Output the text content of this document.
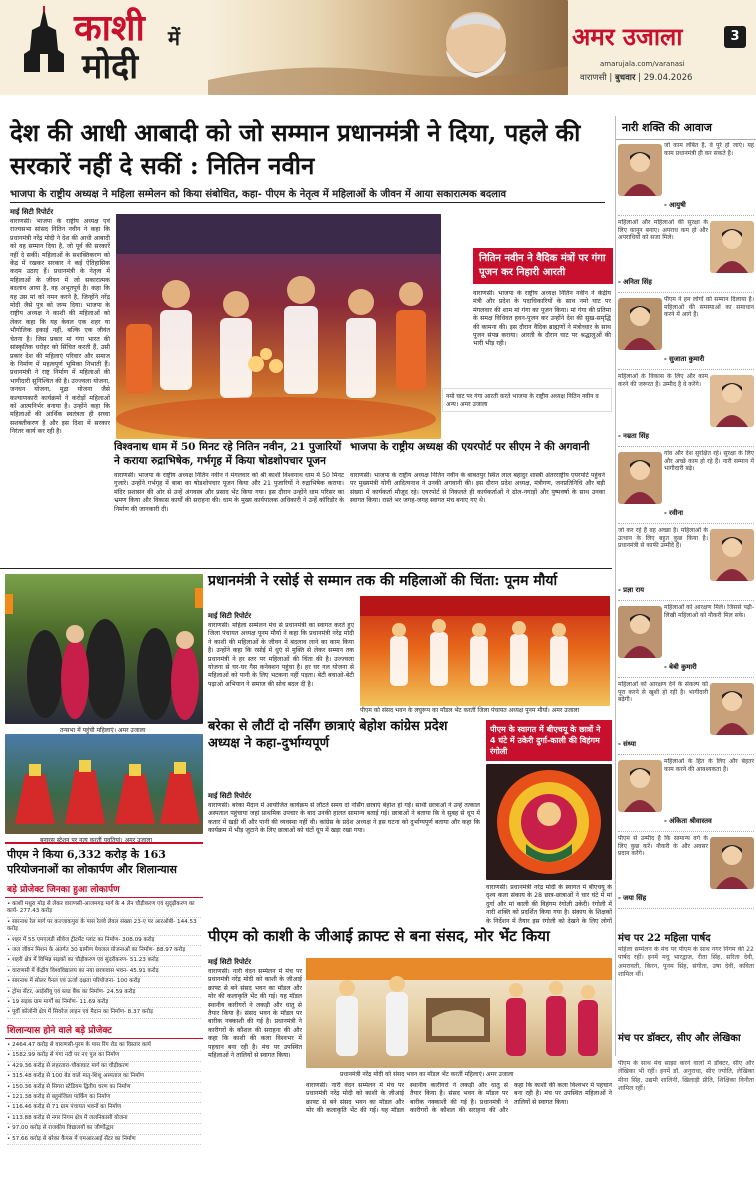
काशी में
मोदी
अमर उजाला	3
amarujala.com/varanasi
वाराणसी | बुधवार | 29.04.2026
देश की आधी आबादी को जो सम्मान प्रधानमंत्री ने दिया, पहले की सरकारें नहीं दे सकीं : नितिन नवीन
भाजपा के राष्ट्रीय अध्यक्ष ने महिला सम्मेलन को किया संबोधित, कहा- पीएम के नेतृत्व में महिलाओं के जीवन में आया सकारात्मक बदलाव
माई सिटी रिपोर्टर
वाराणसी। भाजपा के राष्ट्रीय अध्यक्ष एवं राज्यसभा सांसद नितिन नवीन ने कहा कि प्रधानमंत्री नरेंद्र मोदी ने देश की आधी आबादी को वह सम्मान दिया है, जो पूर्व की सरकारें नहीं दे सकीं। महिलाओं के सशक्तिकरण को केंद्र में रखकर सरकार ने कई ऐतिहासिक कदम उठाए हैं। प्रधानमंत्री के नेतृत्व में महिलाओं के जीवन में जो सकारात्मक बदलाव आया है, वह अभूतपूर्व है। कहा कि यह उस मां को नमन करने है, जिन्होंने नरेंद्र मोदी जैसे पुत्र को जन्म दिया। भाजपा के राष्ट्रीय अध्यक्ष ने काशी की महिलाओं को लेकर कहा कि यह केवल एक शहर या भौगोलिक इकाई नहीं, बल्कि एक जीवंत चेतना है। जिस प्रकार मां गंगा भारत की सांस्कृतिक धरोहर को सिंचित करती हैं, उसी प्रकार देश की महिलाएं परिवार और समाज के निर्माण में महत्वपूर्ण भूमिका निभाती हैं। प्रधानमंत्री ने राष्ट्र निर्माण में महिलाओं की भागीदारी सुनिश्चित की है। उज्ज्वला योजना, जनधन योजना, मुद्रा योजना जैसे कल्याणकारी कार्यक्रमों ने करोड़ों महिलाओं को आत्मनिर्भर बनाया है। उन्होंने कहा कि महिलाओं की आर्थिक स्वतंत्रता ही सच्चा सशक्तीकरण है और इस दिशा में सरकार निरंतर कार्य कर रही है।
नितिन नवीन ने वैदिक मंत्रों पर गंगा पूजन कर निहारी आरती
वाराणसी। भाजपा के राष्ट्रीय अध्यक्ष नितिन नवीन ने केंद्रीय मंत्री और प्रदेश के पदाधिकारियों के साथ नमो घाट पर मंगलवार की शाम मां गंगा का पूजन किया। मां गंगा की प्रतिमा के समक्ष विधिवत हवन-पूजन कर उन्होंने देश की सुख-समृद्धि की कामना की। इस दौरान वैदिक ब्राह्मणों ने मंत्रोच्चार के साथ पूजन संपन्न कराया। आरती के दौरान घाट पर श्रद्धालुओं की भारी भीड़ रही।
नमो घाट पर गंगा आरती करते भाजपा के राष्ट्रीय अध्यक्ष नितिन नवीन व अन्य। अमर उजाला
विश्वनाथ धाम में 50 मिनट रहे नितिन नवीन, 21 पुजारियों ने कराया रुद्राभिषेक, गर्भगृह में किया षोडशोपचार पूजन
वाराणसी। भाजपा के राष्ट्रीय अध्यक्ष नितिन नवीन ने मंगलवार को श्री काशी विश्वनाथ धाम में 50 मिनट गुजारे। उन्होंने गर्भगृह में बाबा का षोडशोपचार पूजन किया और 21 पुजारियों ने रुद्राभिषेक कराया। मंदिर प्रशासन की ओर से उन्हें अंगवस्त्र और प्रसाद भेंट किया गया। इस दौरान उन्होंने धाम परिसर का भ्रमण किया और विकास कार्यों की सराहना की। धाम के मुख्य कार्यपालक अधिकारी ने उन्हें कॉरिडोर के निर्माण की जानकारी दी।
भाजपा के राष्ट्रीय अध्यक्ष की एयरपोर्ट पर सीएम ने की अगवानी
वाराणसी। भाजपा के राष्ट्रीय अध्यक्ष नितिन नवीन के बाबतपुर स्थित लाल बहादुर शास्त्री अंतरराष्ट्रीय एयरपोर्ट पहुंचने पर मुख्यमंत्री योगी आदित्यनाथ ने उनकी अगवानी की। इस दौरान प्रदेश अध्यक्ष, मंत्रीगण, जनप्रतिनिधि और बड़ी संख्या में कार्यकर्ता मौजूद रहे। एयरपोर्ट से निकलते ही कार्यकर्ताओं ने ढोल-नगाड़ों और पुष्पवर्षा के साथ उनका स्वागत किया। रास्ते भर जगह-जगह स्वागत मंच बनाए गए थे।
नारी शक्ति की आवाज
जो काम लंबित है, वे पूरे हो जाएं। यह काम प्रधानमंत्री ही कर सकते हैं।
- आयुषी
महिलाओं और महिलाओं की सुरक्षा के लिए कानून बनाए। अपराध कम हो और अपराधियों को सजा मिले।
- अनिता सिंह
पीएम ने हम लोगों को सम्मान दिलाया है। महिलाओं की समस्याओं का समाधान करने में आगे हैं।
- सुजाता कुमारी
महिलाओं के विकास के लिए और काम करने की जरूरत है। उम्मीद है वे करेंगे।
- नम्रता सिंह
गांव और देश सुरक्षित रहे। सुरक्षा के लिए और अच्छे काम हो रहे हैं। नारी सम्मान में भागीदारी बढ़े।
- रवीना
जो कर रहे हैं वह अच्छा है। महिलाओं के उत्थान के लिए बहुत कुछ किया है। प्रधानमंत्री से काफी उम्मीदें हैं।
- प्रज्ञा राय
महिलाओं को आरक्षण मिले। जिससे पढ़ी-लिखी महिलाओं को नौकरी मिल सके।
- बेबी कुमारी
महिलाओं को आरक्षण देने के संकल्प को पूरा करने से खुशी हो रही है। भागीदारी बढ़ेगी।
- संध्या
महिलाओं के हित के लिए और बेहतर काम करने की आवश्यकता है।
- अंकिता श्रीवास्तव
पीएम से उम्मीद है कि सामान्य वर्ग के लिए कुछ करें। नौकरी के और अवसर प्रदान करेंगे।
- जया सिंह
प्रधानमंत्री ने रसोई से सम्मान तक की महिलाओं की चिंता: पूनम मौर्या
माई सिटी रिपोर्टर
वाराणसी। महिला सम्मेलन मंच से प्रधानमंत्री का स्वागत करते हुए जिला पंचायत अध्यक्ष पूनम मौर्या ने कहा कि प्रधानमंत्री नरेंद्र मोदी ने काशी की महिलाओं के जीवन में बदलाव लाने का काम किया है। उन्होंने कहा कि रसोई में धुएं से मुक्ति से लेकर सम्मान तक प्रधानमंत्री ने हर स्तर पर महिलाओं की चिंता की है। उज्ज्वला योजना से घर-घर गैस कनेक्शन पहुंचा है। हर घर नल योजना से महिलाओं को पानी के लिए भटकना नहीं पड़ता। बेटी बचाओ-बेटी पढ़ाओ अभियान ने समाज की सोच बदल दी है।
पीएम को संसद भवन के लघुरूप का मॉडल भेंट करतीं जिला पंचायत अध्यक्ष पूनम मौर्या। अमर उजाला
तन्सभा में पहुंची महिलाएं। अमर उजाला
बनारस स्टेशन पर नृत्य करतीं युवतियां। अमर उजाला
बरेका से लौटीं दो नर्सिंग छात्राएं बेहोश कांग्रेस प्रदेश अध्यक्ष ने कहा-दुर्भाग्यपूर्ण
माई सिटी रिपोर्टर
वाराणसी। बरेका मैदान में आयोजित कार्यक्रम से लौटते समय दो नर्सिंग छात्राएं बेहोश हो गईं। साथी छात्राओं ने उन्हें तत्काल अस्पताल पहुंचाया जहां प्राथमिक उपचार के बाद उनकी हालत सामान्य बताई गई। छात्राओं ने बताया कि वे सुबह से धूप में कतार में खड़ी थीं और पानी की व्यवस्था नहीं थी। कांग्रेस के प्रदेश अध्यक्ष ने इस घटना को दुर्भाग्यपूर्ण बताया और कहा कि कार्यक्रम में भीड़ जुटाने के लिए छात्राओं को घंटों धूप में खड़ा रखा गया।
पीएम के स्वागत में बीएचयू के छात्रों ने 4 घंटे में उकेरी दुर्गा-काली की विहंगम रंगोली
वाराणसी। प्रधानमंत्री नरेंद्र मोदी के स्वागत में बीएचयू के दृश्य कला संकाय के 28 छात्र-छात्राओं ने चार घंटे में मां दुर्गा और मां काली की विहंगम रंगोली उकेरी। रंगोली में नारी शक्ति को प्रदर्शित किया गया है। संकाय के शिक्षकों के निर्देशन में तैयार इस रंगोली को देखने के लिए लोगों
पीएम ने किया 6,332 करोड़ के 163 परियोजनाओं का लोकार्पण और शिलान्यास
बड़े प्रोजेक्ट जिनका हुआ लोकार्पण
• काशी मथुरा मोड़ से लेकर वाराणसी-आजमगढ़ मार्ग के 4 लेन चौड़ीकरण एवं सुदृढ़ीकरण का कार्य- 277.43 करोड़
• सारनाथ रेल मार्ग पर कज्जाकपुरा के पास रेलवे लेवल संख्या 23-ए पर आरओबी- 144.53 करोड़
• शहर में 55 एमएलडी सीवेज ट्रीटमेंट प्लांट का निर्माण- 308.09 करोड़
• जल जीवन मिशन के अंतर्गत 30 ग्रामीण पेयजल योजनाओं का निर्माण- 88.97 करोड़
• शहरी क्षेत्र में विभिन्न सड़कों का चौड़ीकरण एवं सुंदरीकरण- 51.23 करोड़
• वाराणसी में केंद्रीय विश्वविद्यालय का नया छात्रावास भवन- 45.91 करोड़
• सारनाथ में सोलर पैनल एवं ऊर्जा दक्षता परियोजना- 100 करोड़
• ट्रॉमा सेंटर, आईसीयू एवं ब्लड बैंक का निर्माण- 24.59 करोड़
• 19 सड़क ग्राम मार्गों का निर्माण- 11.69 करोड़
• पूर्वी कॉलोनी क्षेत्र में सिवरेज लाइन एवं मैदान का निर्माण- 8.37 करोड़
शिलान्यास होने वाले बड़े प्रोजेक्ट
• 2464.47 करोड़ से वाराणसी-पुरम के पास रिंग रोड का विस्तार कार्य
• 1582.99 करोड़ से गंगा नदी पर नए पुल का निर्माण
• 429.36 करोड़ से लहरतारा-चौकाघाट मार्ग का चौड़ीकरण
• 315.48 करोड़ से 100 बेड वाले मातृ-शिशु अस्पताल का निर्माण
• 150.36 करोड़ से सिगरा स्टेडियम द्वितीय चरण का निर्माण
• 121.38 करोड़ से बहुमंजिला पार्किंग का निर्माण
• 116.46 करोड़ से 71 ग्राम पंचायत भवनों का निर्माण
• 113.88 करोड़ से नगर निगम क्षेत्र में जलनिकासी योजना
• 97.00 करोड़ से राजकीय विद्यालयों का जीर्णोद्धार
• 57.66 करोड़ से बरेका कैंपस में एमआरआई सेंटर का निर्माण
पीएम को काशी के जीआई क्राफ्ट से बना संसद, मोर भेंट किया
माई सिटी रिपोर्टर
वाराणसी। नारी वंदन सम्मेलन में मंच पर प्रधानमंत्री नरेंद्र मोदी को काशी के जीआई क्राफ्ट से बने संसद भवन का मॉडल और मोर की कलाकृति भेंट की गई। यह मॉडल स्थानीय कारीगरों ने लकड़ी और धातु से तैयार किया है। संसद भवन के मॉडल पर बारीक नक्काशी की गई है। प्रधानमंत्री ने कारीगरों के कौशल की सराहना की और कहा कि काशी की कला विश्वभर में पहचान बना रही है। मंच पर उपस्थित महिलाओं ने तालियों से स्वागत किया।
प्रधानमंत्री नरेंद्र मोदी को संसद भवन का मॉडल भेंट करतीं महिलाएं। अमर उजाला
वाराणसी। नारी वंदन सम्मेलन में मंच पर प्रधानमंत्री नरेंद्र मोदी को काशी के जीआई क्राफ्ट से बने संसद भवन का मॉडल और मोर की कलाकृति भेंट की गई। यह मॉडल स्थानीय कारीगरों ने लकड़ी और धातु से तैयार किया है। संसद भवन के मॉडल पर बारीक नक्काशी की गई है। प्रधानमंत्री ने कारीगरों के कौशल की सराहना की और कहा कि काशी की कला विश्वभर में पहचान बना रही है। मंच पर उपस्थित महिलाओं ने तालियों से स्वागत किया।
मंच पर 22 महिला पार्षद
महिला सम्मेलन के मंच पर पीएम के साथ नगर निगम की 22 पार्षद रहीं। इनमें मधु भारद्वाज, रीता सिंह, सरिता देवी, अमरावती, किरन, पूनम सिंह, संगीता, उषा देवी, कविता शामिल थीं।
मंच पर डॉक्टर, सीए और लेखिका
पीएम के साथ मंच साझा करने वालों में डॉक्टर, सीए और लेखिका भी रहीं। इनमें डॉ. अनुराधा, सीए ज्योति, लेखिका मीना सिंह, उद्यमी शालिनी, खिलाड़ी प्रीति, शिक्षिका विनीता शामिल रहीं।
